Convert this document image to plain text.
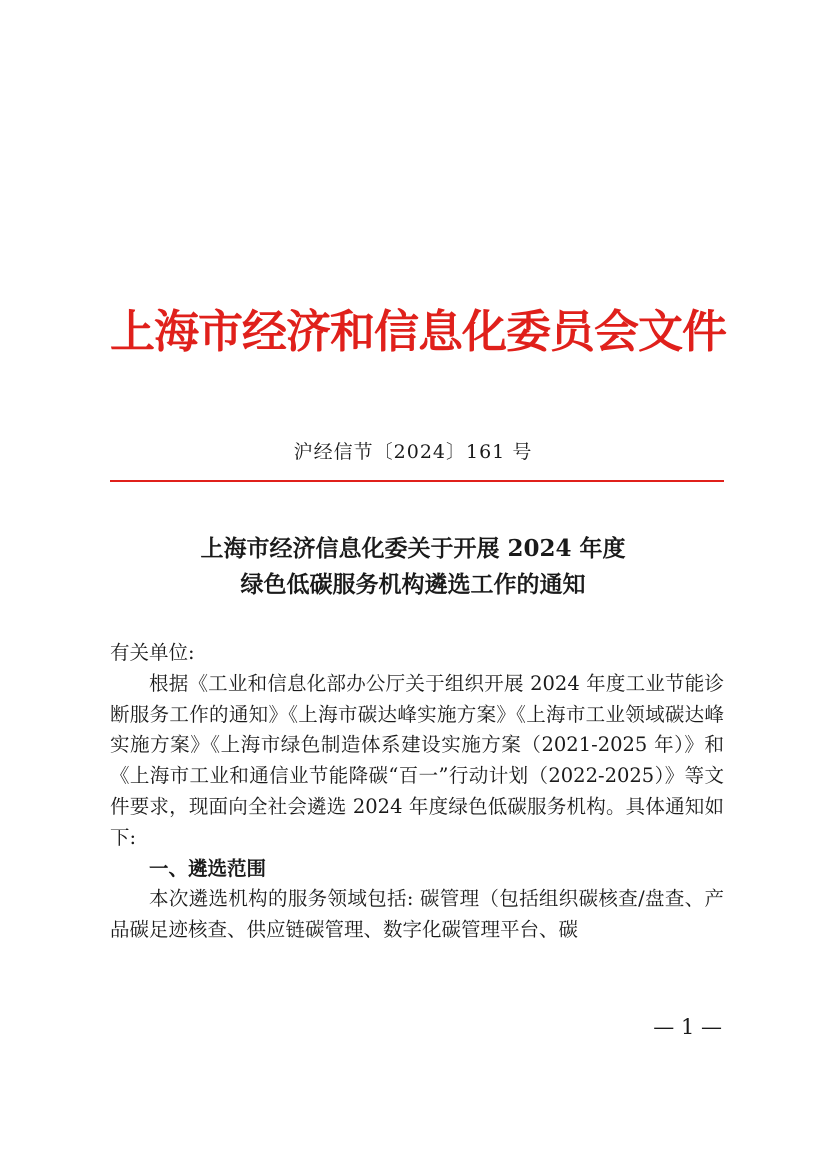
上海市经济和信息化委员会文件
沪经信节〔2024〕161 号
上海市经济信息化委关于开展 2024 年度
绿色低碳服务机构遴选工作的通知

有关单位:

根据《工业和信息化部办公厅关于组织开展 2024 年度工业节能诊断服务工作的通知》《上海市碳达峰实施方案》《上海市工业领域碳达峰实施方案》《上海市绿色制造体系建设实施方案（2021-2025 年）》和《上海市工业和通信业节能降碳“百一”行动计划（2022-2025）》等文件要求，现面向全社会遴选 2024 年度绿色低碳服务机构。具体通知如下:

一、遴选范围

本次遴选机构的服务领域包括: 碳管理（包括组织碳核查/盘查、产品碳足迹核查、供应链碳管理、数字化碳管理平台、碳

— 1 —
